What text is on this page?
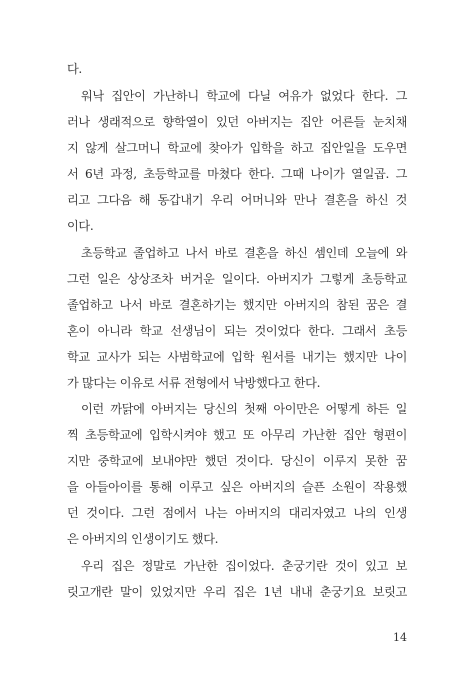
다.
워낙 집안이 가난하니 학교에 다닐 여유가 없었다 한다. 그
러나 생래적으로 향학열이 있던 아버지는 집안 어른들 눈치채
지 않게 살그머니 학교에 찾아가 입학을 하고 집안일을 도우면
서 6년 과정, 초등학교를 마쳤다 한다. 그때 나이가 열일곱. 그
리고 그다음 해 동갑내기 우리 어머니와 만나 결혼을 하신 것
이다.
초등학교 졸업하고 나서 바로 결혼을 하신 셈인데 오늘에 와
그런 일은 상상조차 버거운 일이다. 아버지가 그렇게 초등학교
졸업하고 나서 바로 결혼하기는 했지만 아버지의 참된 꿈은 결
혼이 아니라 학교 선생님이 되는 것이었다 한다. 그래서 초등
학교 교사가 되는 사범학교에 입학 원서를 내기는 했지만 나이
가 많다는 이유로 서류 전형에서 낙방했다고 한다.
이런 까닭에 아버지는 당신의 첫째 아이만은 어떻게 하든 일
찍 초등학교에 입학시켜야 했고 또 아무리 가난한 집안 형편이
지만 중학교에 보내야만 했던 것이다. 당신이 이루지 못한 꿈
을 아들아이를 통해 이루고 싶은 아버지의 슬픈 소원이 작용했
던 것이다. 그런 점에서 나는 아버지의 대리자였고 나의 인생
은 아버지의 인생이기도 했다.
우리 집은 정말로 가난한 집이었다. 춘궁기란 것이 있고 보
릿고개란 말이 있었지만 우리 집은 1년 내내 춘궁기요 보릿고
14
